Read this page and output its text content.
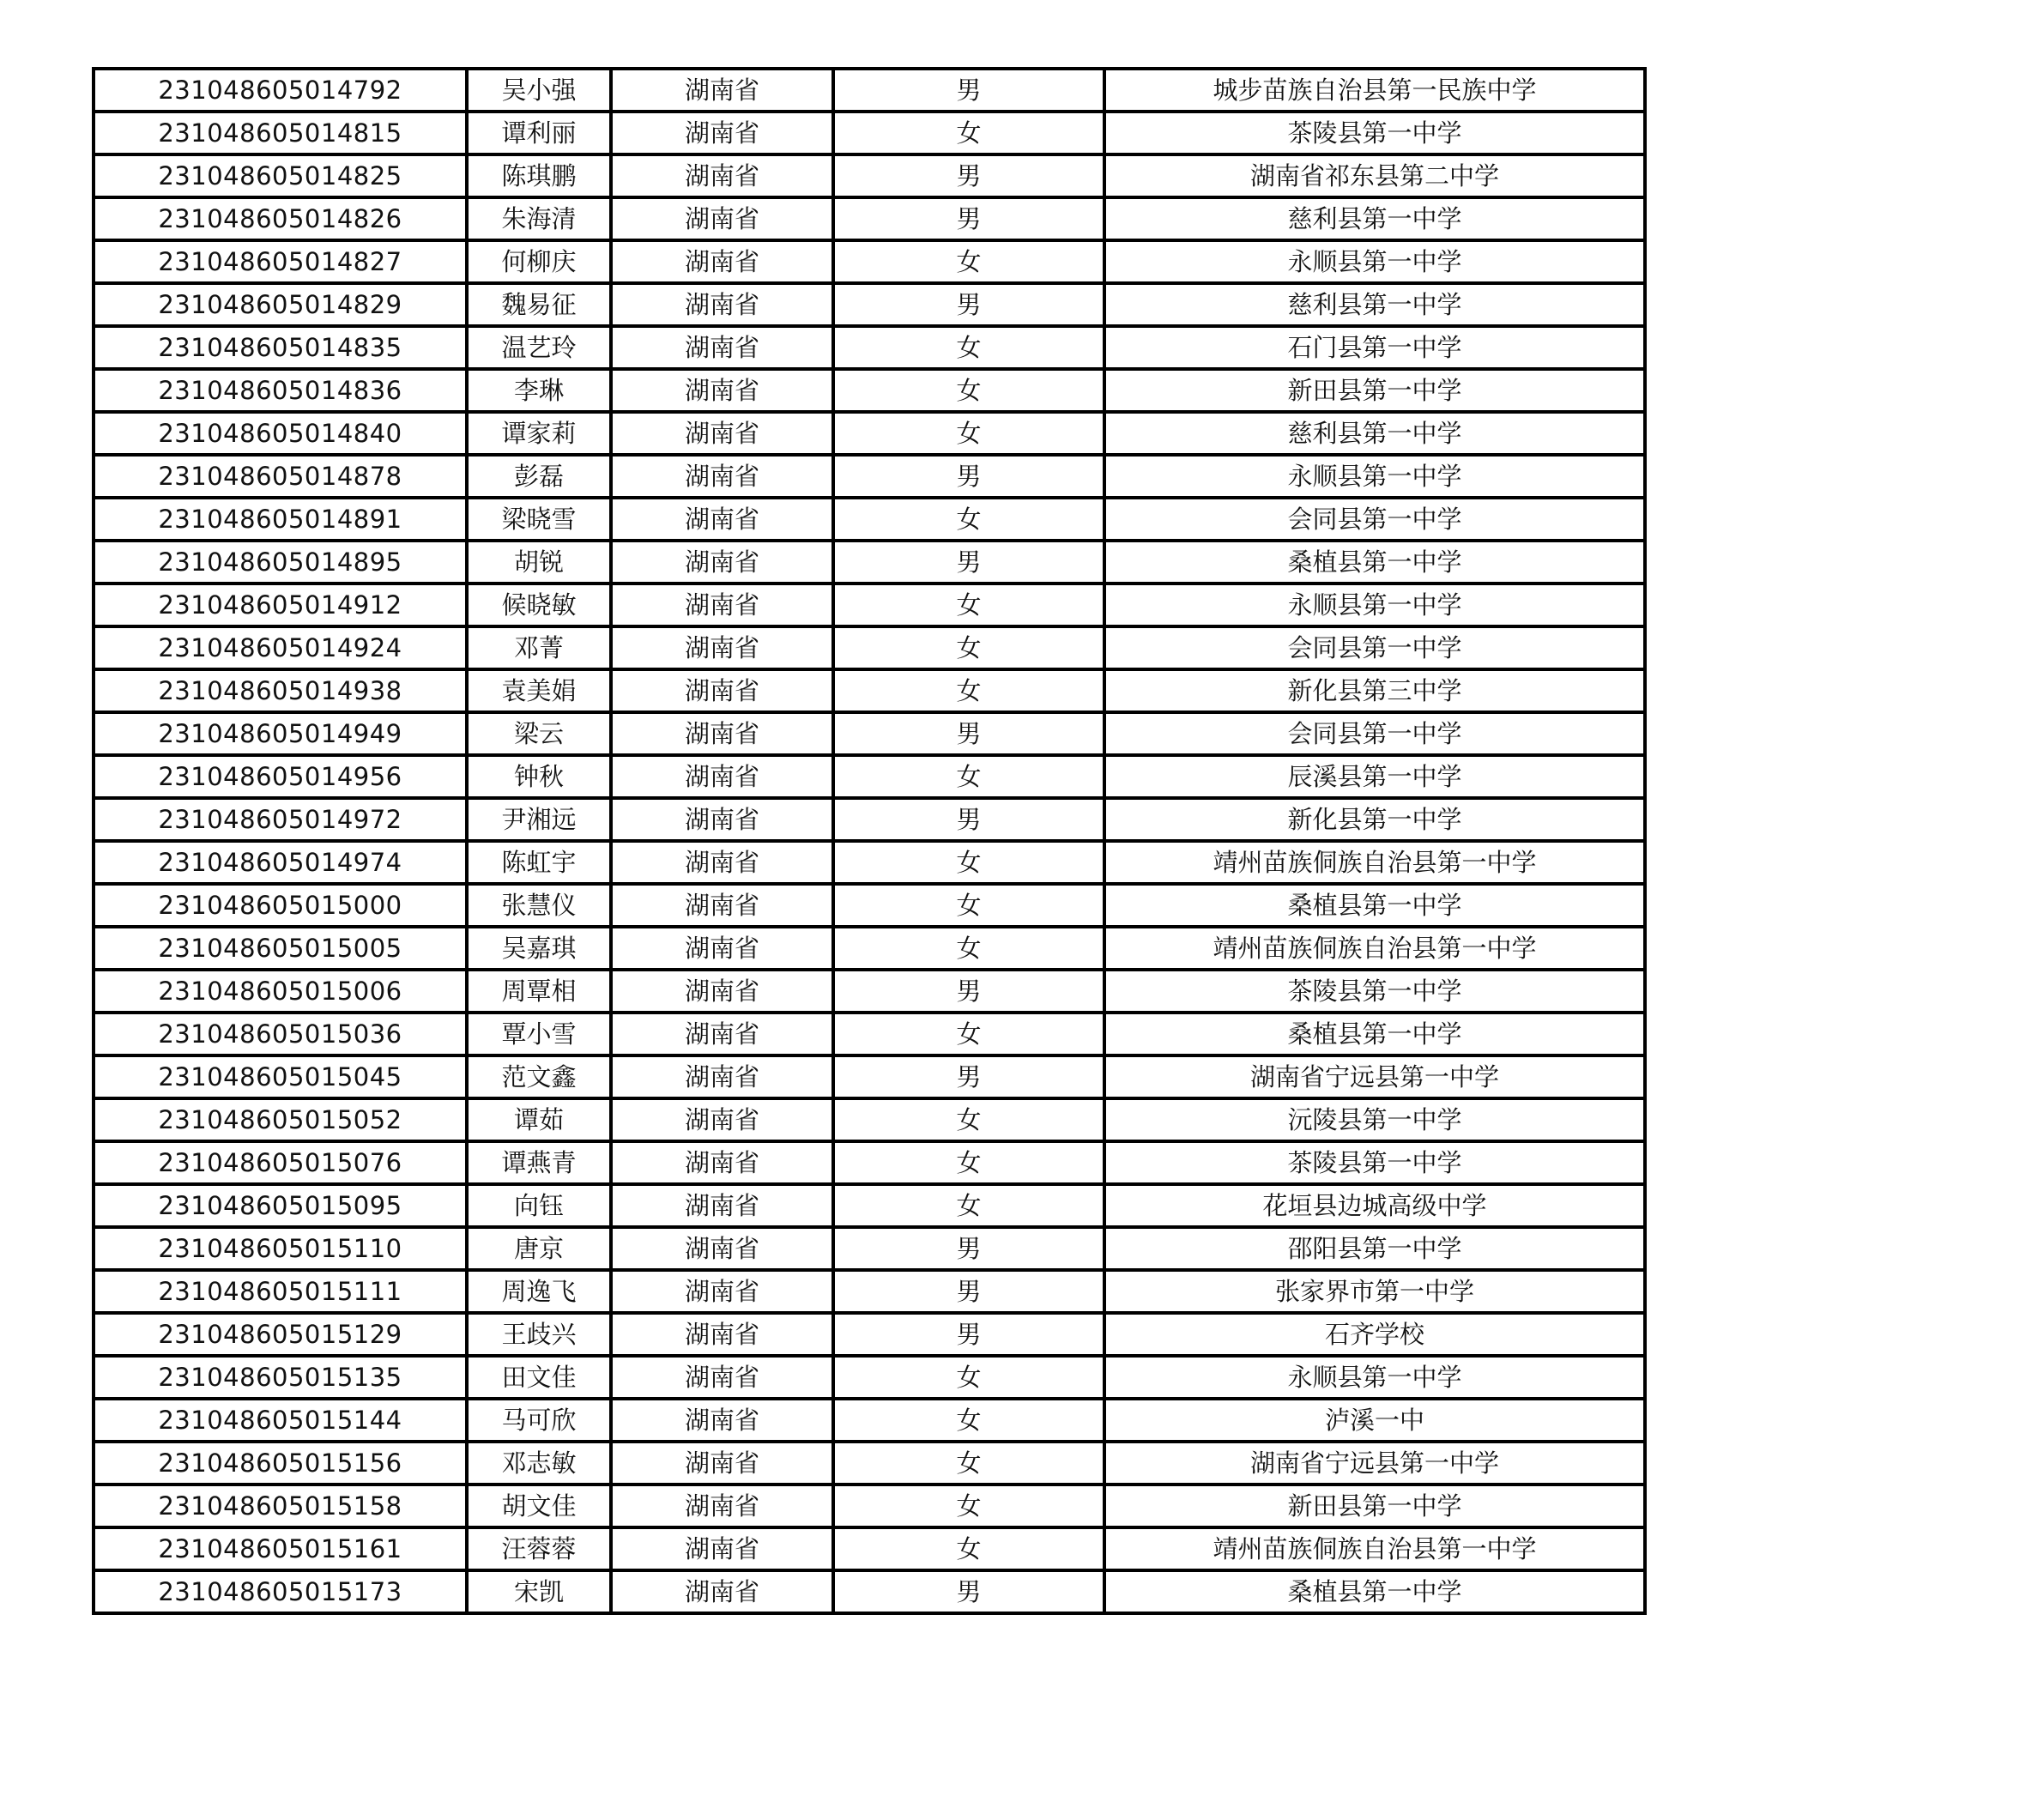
231048605014792	吴小强	湖南省	男	城步苗族自治县第一民族中学
231048605014815	谭利丽	湖南省	女	茶陵县第一中学
231048605014825	陈琪鹏	湖南省	男	湖南省祁东县第二中学
231048605014826	朱海清	湖南省	男	慈利县第一中学
231048605014827	何柳庆	湖南省	女	永顺县第一中学
231048605014829	魏易征	湖南省	男	慈利县第一中学
231048605014835	温艺玲	湖南省	女	石门县第一中学
231048605014836	李琳	湖南省	女	新田县第一中学
231048605014840	谭家莉	湖南省	女	慈利县第一中学
231048605014878	彭磊	湖南省	男	永顺县第一中学
231048605014891	梁晓雪	湖南省	女	会同县第一中学
231048605014895	胡锐	湖南省	男	桑植县第一中学
231048605014912	候晓敏	湖南省	女	永顺县第一中学
231048605014924	邓菁	湖南省	女	会同县第一中学
231048605014938	袁美娟	湖南省	女	新化县第三中学
231048605014949	梁云	湖南省	男	会同县第一中学
231048605014956	钟秋	湖南省	女	辰溪县第一中学
231048605014972	尹湘远	湖南省	男	新化县第一中学
231048605014974	陈虹宇	湖南省	女	靖州苗族侗族自治县第一中学
231048605015000	张慧仪	湖南省	女	桑植县第一中学
231048605015005	吴嘉琪	湖南省	女	靖州苗族侗族自治县第一中学
231048605015006	周覃相	湖南省	男	茶陵县第一中学
231048605015036	覃小雪	湖南省	女	桑植县第一中学
231048605015045	范文鑫	湖南省	男	湖南省宁远县第一中学
231048605015052	谭茹	湖南省	女	沅陵县第一中学
231048605015076	谭燕青	湖南省	女	茶陵县第一中学
231048605015095	向钰	湖南省	女	花垣县边城高级中学
231048605015110	唐京	湖南省	男	邵阳县第一中学
231048605015111	周逸飞	湖南省	男	张家界市第一中学
231048605015129	王歧兴	湖南省	男	石齐学校
231048605015135	田文佳	湖南省	女	永顺县第一中学
231048605015144	马可欣	湖南省	女	泸溪一中
231048605015156	邓志敏	湖南省	女	湖南省宁远县第一中学
231048605015158	胡文佳	湖南省	女	新田县第一中学
231048605015161	汪蓉蓉	湖南省	女	靖州苗族侗族自治县第一中学
231048605015173	宋凯	湖南省	男	桑植县第一中学
